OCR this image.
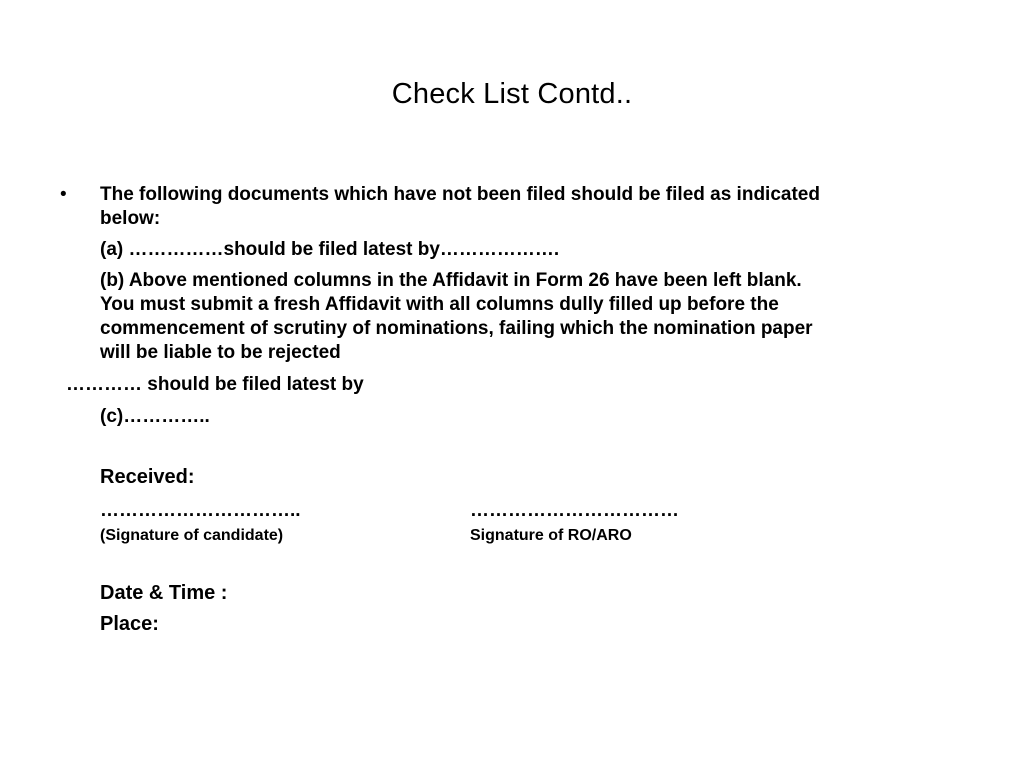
Check List Contd..
• The following documents which have not been filed should be filed as indicated
below:
(a) ……………should be filed latest by……………….
(b) Above mentioned columns in the Affidavit in Form 26 have been left blank.
You must submit a fresh Affidavit with all columns dully filled up before the
commencement of scrutiny of nominations, failing which the nomination paper
will be liable to be rejected
………… should be filed latest by
(c)…………..
Received:
…………………………..	……………………………
(Signature of candidate)	Signature of RO/ARO
Date & Time :
Place:
